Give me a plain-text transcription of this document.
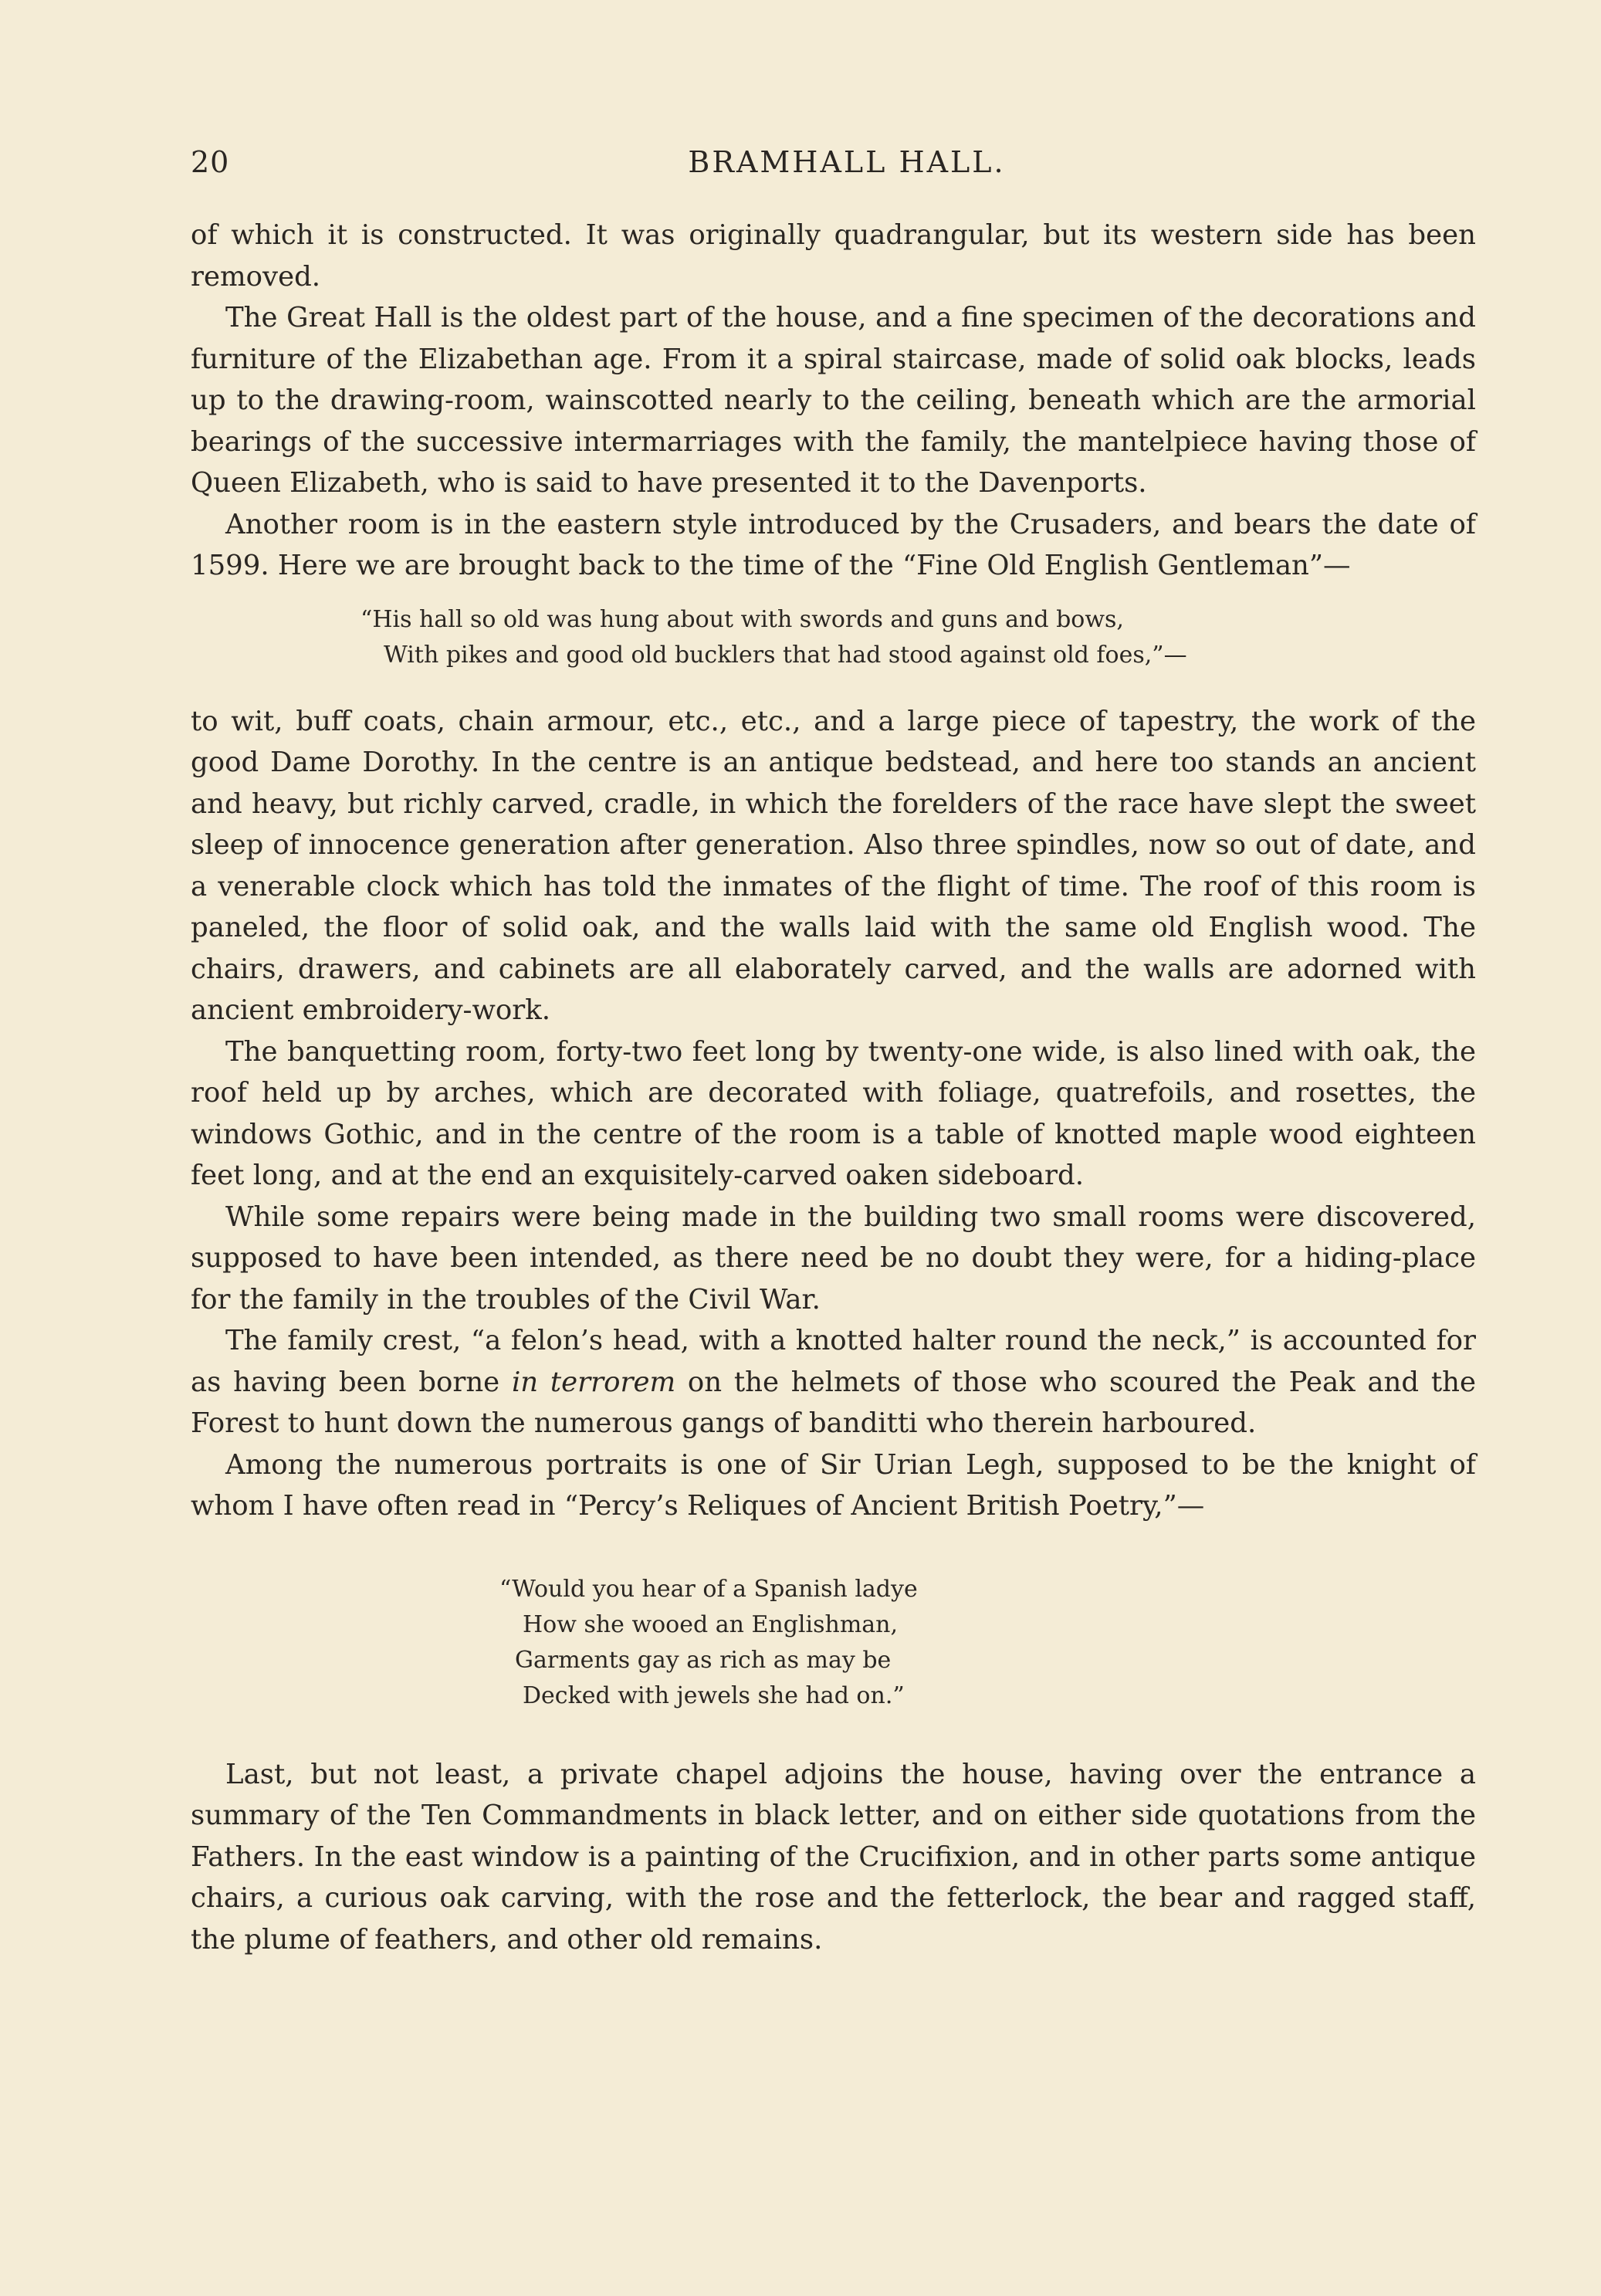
20	BRAMHALL HALL.

of which it is constructed. It was originally quadrangular, but its western side has been removed.

The Great Hall is the oldest part of the house, and a fine specimen of the decorations and furniture of the Elizabethan age. From it a spiral staircase, made of solid oak blocks, leads up to the drawing-room, wainscotted nearly to the ceiling, beneath which are the armorial bearings of the successive intermarriages with the family, the mantelpiece having those of Queen Elizabeth, who is said to have presented it to the Davenports.

Another room is in the eastern style introduced by the Crusaders, and bears the date of 1599. Here we are brought back to the time of the “Fine Old English Gentleman”—

“His hall so old was hung about with swords and guns and bows,
With pikes and good old bucklers that had stood against old foes,”—

to wit, buff coats, chain armour, etc., etc., and a large piece of tapestry, the work of the good Dame Dorothy. In the centre is an antique bedstead, and here too stands an ancient and heavy, but richly carved, cradle, in which the forelders of the race have slept the sweet sleep of innocence generation after generation. Also three spindles, now so out of date, and a venerable clock which has told the inmates of the flight of time. The roof of this room is paneled, the floor of solid oak, and the walls laid with the same old English wood. The chairs, drawers, and cabinets are all elaborately carved, and the walls are adorned with ancient embroidery-work.

The banquetting room, forty-two feet long by twenty-one wide, is also lined with oak, the roof held up by arches, which are decorated with foliage, quatrefoils, and rosettes, the windows Gothic, and in the centre of the room is a table of knotted maple wood eighteen feet long, and at the end an exquisitely-carved oaken sideboard.

While some repairs were being made in the building two small rooms were discovered, supposed to have been intended, as there need be no doubt they were, for a hiding-place for the family in the troubles of the Civil War.

The family crest, “a felon’s head, with a knotted halter round the neck,” is accounted for as having been borne in terrorem on the helmets of those who scoured the Peak and the Forest to hunt down the numerous gangs of banditti who therein harboured.

Among the numerous portraits is one of Sir Urian Legh, supposed to be the knight of whom I have often read in “Percy’s Reliques of Ancient British Poetry,”—

“Would you hear of a Spanish ladye
How she wooed an Englishman,
Garments gay as rich as may be
Decked with jewels she had on.”

Last, but not least, a private chapel adjoins the house, having over the entrance a summary of the Ten Commandments in black letter, and on either side quotations from the Fathers. In the east window is a painting of the Crucifixion, and in other parts some antique chairs, a curious oak carving, with the rose and the fetterlock, the bear and ragged staff, the plume of feathers, and other old remains.
